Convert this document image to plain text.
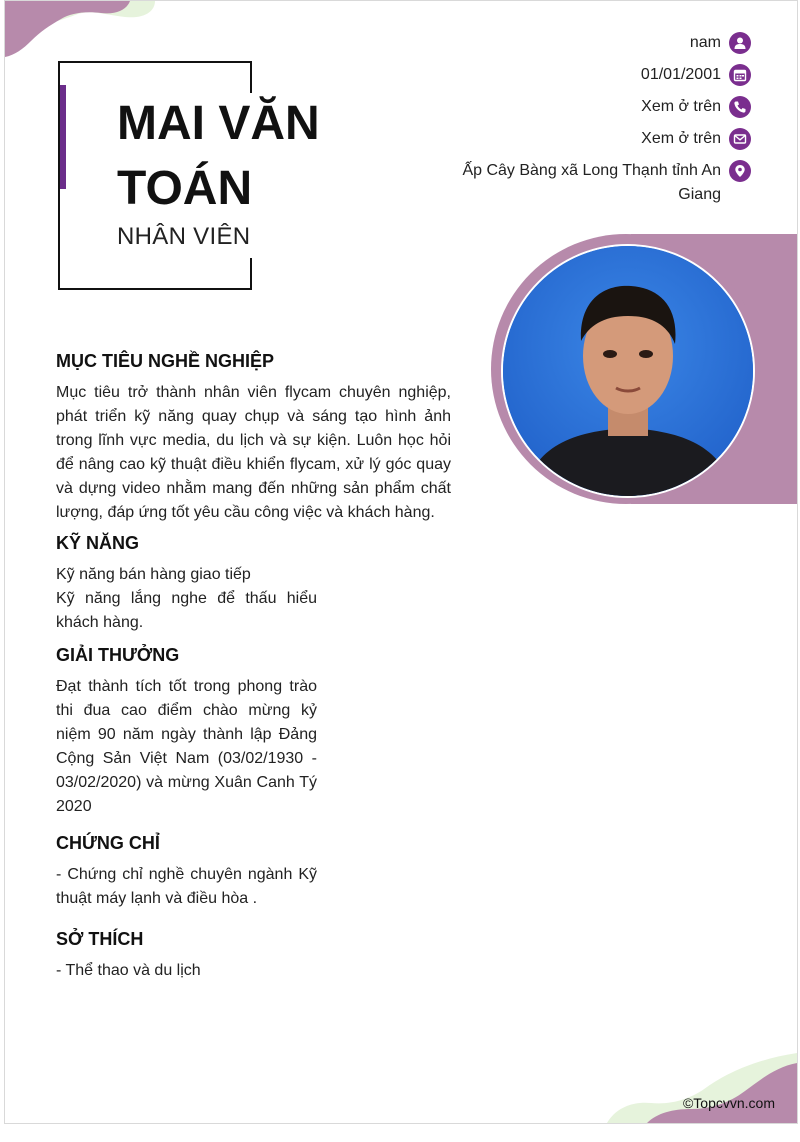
MAI VĂN TOÁN
NHÂN VIÊN
nam
01/01/2001
Xem ở trên
Xem ở trên
Ấp Cây Bàng xã Long Thạnh tỉnh An Giang
MỤC TIÊU NGHỀ NGHIỆP
Mục tiêu trở thành nhân viên flycam chuyên nghiệp, phát triển kỹ năng quay chụp và sáng tạo hình ảnh trong lĩnh vực media, du lịch và sự kiện. Luôn học hỏi để nâng cao kỹ thuật điều khiển flycam, xử lý góc quay và dựng video nhằm mang đến những sản phẩm chất lượng, đáp ứng tốt yêu cầu công việc và khách hàng.
KỸ NĂNG
Kỹ năng bán hàng giao tiếp
Kỹ năng lắng nghe để thấu hiểu khách hàng.
GIẢI THƯỞNG
Đạt thành tích tốt trong phong trào thi đua cao điểm chào mừng kỷ niệm 90 năm ngày thành lập Đảng Cộng Sản Việt Nam (03/02/1930 - 03/02/2020) và mừng Xuân Canh Tý 2020
CHỨNG CHỈ
- Chứng chỉ nghề chuyên ngành Kỹ thuật máy lạnh và điều hòa .
SỞ THÍCH
- Thể thao và du lịch
©Topcvvn.com
